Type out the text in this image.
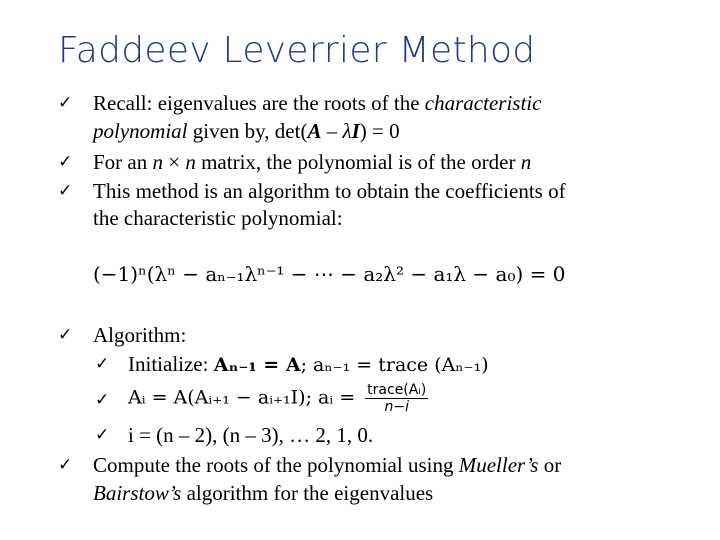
Faddeev Leverrier Method
✓ Recall: eigenvalues are the roots of the characteristic
polynomial given by, det(A – λI) = 0
✓ For an n × n matrix, the polynomial is of the order n
✓ This method is an algorithm to obtain the coefficients of
the characteristic polynomial:
(−1)ⁿ(λⁿ − aₙ₋₁λⁿ⁻¹ − ⋯ − a₂λ² − a₁λ − a₀) = 0
✓ Algorithm:
✓ Initialize: Aₙ₋₁ = A; aₙ₋₁ = trace (Aₙ₋₁)
✓ Aᵢ = A(Aᵢ₊₁ − aᵢ₊₁I); aᵢ = $\frac{\text{trace(Aᵢ)}}{n-i}$
✓ i = (n – 2), (n – 3), … 2, 1, 0.
✓ Compute the roots of the polynomial using Mueller’s or
Bairstow’s algorithm for the eigenvalues
